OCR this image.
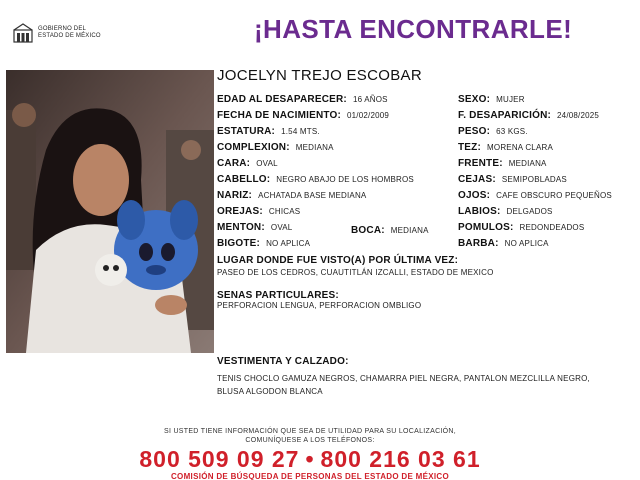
GOBIERNO DEL
ESTADO DE MÉXICO	¡HASTA ENCONTRARLE!
JOCELYN TREJO ESCOBAR
EDAD AL DESAPARECER: 16 AÑOS
FECHA DE NACIMIENTO: 01/02/2009
ESTATURA: 1.54 MTS.
COMPLEXION: MEDIANA
CARA: OVAL
CABELLO: NEGRO ABAJO DE LOS HOMBROS
NARIZ: ACHATADA BASE MEDIANA
OREJAS: CHICAS
MENTON: OVAL
BIGOTE: NO APLICA
BOCA: MEDIANA
SEXO: MUJER
F. DESAPARICIÓN: 24/08/2025
PESO: 63 KGS.
TEZ: MORENA CLARA
FRENTE: MEDIANA
CEJAS: SEMIPOBLADAS
OJOS: CAFE OBSCURO PEQUEÑOS
LABIOS: DELGADOS
POMULOS: REDONDEADOS
BARBA: NO APLICA
LUGAR DONDE FUE VISTO(A) POR ÚLTIMA VEZ:
PASEO DE LOS CEDROS, CUAUTITLÁN IZCALLI, ESTADO DE MEXICO
SENAS PARTICULARES:
PERFORACION LENGUA, PERFORACION OMBLIGO
VESTIMENTA Y CALZADO:
TENIS CHOCLO GAMUZA NEGROS, CHAMARRA PIEL NEGRA, PANTALON MEZCLILLA NEGRO, BLUSA ALGODON BLANCA
SI USTED TIENE INFORMACIÓN QUE SEA DE UTILIDAD PARA SU LOCALIZACIÓN,
COMUNÍQUESE A LOS TELÉFONOS:
800 509 09 27 • 800 216 03 61
COMISIÓN DE BÚSQUEDA DE PERSONAS DEL ESTADO DE MÉXICO
